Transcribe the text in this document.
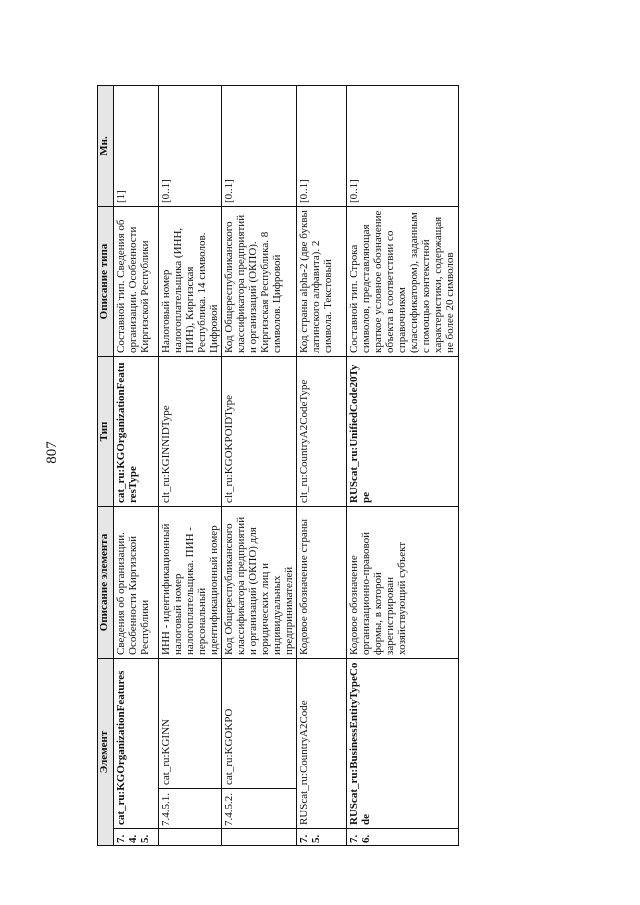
807
Элемент			Описание элемента	Тип	Описание типа	Мн.
7.4.5.	cat_ru:KGOrganizationFeatures		Сведения об организации. Особенности Киргизской Республики	cat_ru:KGOrganizationFeaturesType	Составной тип. Сведения об организации. Особенности Киргизской Республики	[1]
	7.4.5.1.	cat_ru:KGINN	ИНН - идентификационный налоговый номер налогоплательщика. ПИН - персональный идентификационный номер	clt_ru:KGINNIDType	Налоговый номер налогоплательщика (ИНН, ПИН), Киргизская Республика. 14 символов. Цифровой	[0..1]
	7.4.5.2.	cat_ru:KGOKPO	Код Общереспубликанского классификатора предприятий и организаций (ОКПО) для юридических лиц и индивидуальных предпринимателей	clt_ru:KGOKPOIDType	Код Общереспубликанского классификатора предприятий и организаций (ОКПО). Киргизская Республика. 8 символов. Цифровой	[0..1]
7.5.	RUScat_ru:CountryA2Code		Кодовое обозначение страны	clt_ru:CountryA2CodeType	Код страны alpha-2 (две буквы латинского алфавита). 2 символа. Текстовый	[0..1]
7.6.	RUScat_ru:BusinessEntityTypeCode		Кодовое обозначение организационно-правовой формы, в которой зарегистрирован хозяйствующий субъект	RUScat_ru:UnifiedCode20Type	Составной тип. Строка символов, представляющая краткое условное обозначение объекта в соответствии со справочником (классификатором), заданным с помощью контекстной характеристики, содержащая не более 20 символов	[0..1]
